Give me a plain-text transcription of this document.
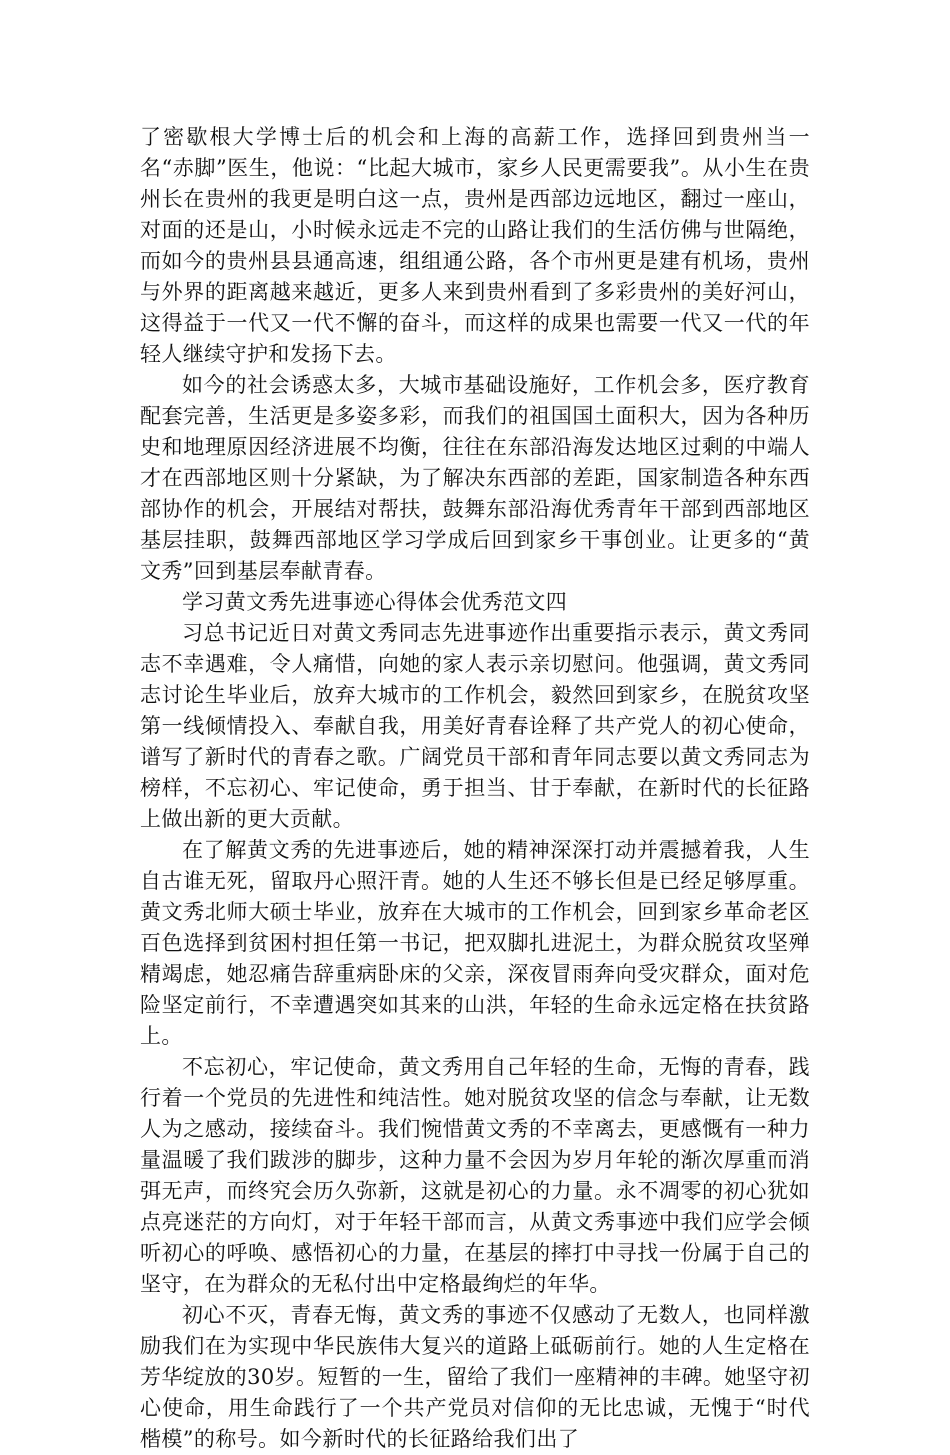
了密歇根大学博士后的机会和上海的高薪工作，选择回到贵州当一名“赤脚”医生，他说：“比起大城市，家乡人民更需要我”。从小生在贵州长在贵州的我更是明白这一点，贵州是西部边远地区，翻过一座山，对面的还是山，小时候永远走不完的山路让我们的生活仿佛与世隔绝，而如今的贵州县县通高速，组组通公路，各个市州更是建有机场，贵州与外界的距离越来越近，更多人来到贵州看到了多彩贵州的美好河山，这得益于一代又一代不懈的奋斗，而这样的成果也需要一代又一代的年轻人继续守护和发扬下去。

如今的社会诱惑太多，大城市基础设施好，工作机会多，医疗教育配套完善，生活更是多姿多彩，而我们的祖国国土面积大，因为各种历史和地理原因经济进展不均衡，往往在东部沿海发达地区过剩的中端人才在西部地区则十分紧缺，为了解决东西部的差距，国家制造各种东西部协作的机会，开展结对帮扶，鼓舞东部沿海优秀青年干部到西部地区基层挂职，鼓舞西部地区学习学成后回到家乡干事创业。让更多的“黄文秀”回到基层奉献青春。

学习黄文秀先进事迹心得体会优秀范文四

习总书记近日对黄文秀同志先进事迹作出重要指示表示，黄文秀同志不幸遇难，令人痛惜，向她的家人表示亲切慰问。他强调，黄文秀同志讨论生毕业后，放弃大城市的工作机会，毅然回到家乡，在脱贫攻坚第一线倾情投入、奉献自我，用美好青春诠释了共产党人的初心使命，谱写了新时代的青春之歌。广阔党员干部和青年同志要以黄文秀同志为榜样，不忘初心、牢记使命，勇于担当、甘于奉献，在新时代的长征路上做出新的更大贡献。

在了解黄文秀的先进事迹后，她的精神深深打动并震撼着我，人生自古谁无死，留取丹心照汗青。她的人生还不够长但是已经足够厚重。黄文秀北师大硕士毕业，放弃在大城市的工作机会，回到家乡革命老区百色选择到贫困村担任第一书记，把双脚扎进泥土，为群众脱贫攻坚殚精竭虑，她忍痛告辞重病卧床的父亲，深夜冒雨奔向受灾群众，面对危险坚定前行，不幸遭遇突如其来的山洪，年轻的生命永远定格在扶贫路上。

不忘初心，牢记使命，黄文秀用自己年轻的生命，无悔的青春，践行着一个党员的先进性和纯洁性。她对脱贫攻坚的信念与奉献，让无数人为之感动，接续奋斗。我们惋惜黄文秀的不幸离去，更感慨有一种力量温暖了我们跋涉的脚步，这种力量不会因为岁月年轮的渐次厚重而消弭无声，而终究会历久弥新，这就是初心的力量。永不凋零的初心犹如点亮迷茫的方向灯，对于年轻干部而言，从黄文秀事迹中我们应学会倾听初心的呼唤、感悟初心的力量，在基层的摔打中寻找一份属于自己的坚守，在为群众的无私付出中定格最绚烂的年华。

初心不灭，青春无悔，黄文秀的事迹不仅感动了无数人，也同样激励我们在为实现中华民族伟大复兴的道路上砥砺前行。她的人生定格在芳华绽放的30岁。短暂的一生，留给了我们一座精神的丰碑。她坚守初心使命，用生命践行了一个共产党员对信仰的无比忠诚，无愧于“时代楷模”的称号。如今新时代的长征路给我们出了
